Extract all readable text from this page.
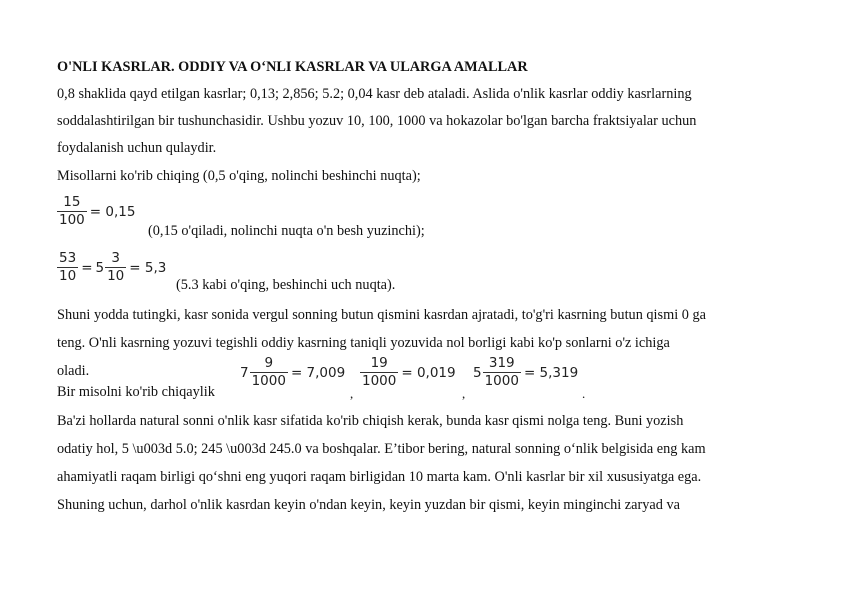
O'NLI KASRLAR. ODDIY VA O‘NLI KASRLAR VA ULARGA AMALLAR
0,8 shaklida qayd etilgan kasrlar; 0,13; 2,856; 5.2; 0,04 kasr deb ataladi. Aslida o'nlik kasrlar oddiy kasrlarning
soddalashtirilgan bir tushunchasidir. Ushbu yozuv 10, 100, 1000 va hokazolar bo'lgan barcha fraktsiyalar uchun
foydalanish uchun qulaydir.
Misollarni ko'rib chiqing (0,5 o'qing, nolinchi beshinchi nuqta);
$\frac{15}{100} = 0,15$
(0,15 o'qiladi, nolinchi nuqta o'n besh yuzinchi);
$\frac{53}{10} = 5 \frac{3}{10} = 5,3$
(5.3 kabi o'qing, beshinchi uch nuqta).
Shuni yodda tutingki, kasr sonida vergul sonning butun qismini kasrdan ajratadi, to'g'ri kasrning butun qismi 0 ga
teng. O'nli kasrning yozuvi tegishli oddiy kasrning taniqli yozuvida nol borligi kabi ko'p sonlarni o'z ichiga
oladi.
Bir misolni ko'rib chiqaylik
$7 \frac{9}{1000} = 7,009$
,
$\frac{19}{1000} = 0,019$
,
$5 \frac{319}{1000} = 5,319$
.
Ba'zi hollarda natural sonni o'nlik kasr sifatida ko'rib chiqish kerak, bunda kasr qismi nolga teng. Buni yozish
odatiy hol, 5 \u003d 5.0; 245 \u003d 245.0 va boshqalar. E’tibor bering, natural sonning o‘nlik belgisida eng kam
ahamiyatli raqam birligi qo‘shni eng yuqori raqam birligidan 10 marta kam. O'nli kasrlar bir xil xususiyatga ega.
Shuning uchun, darhol o'nlik kasrdan keyin o'ndan keyin, keyin yuzdan bir qismi, keyin minginchi zaryad va
